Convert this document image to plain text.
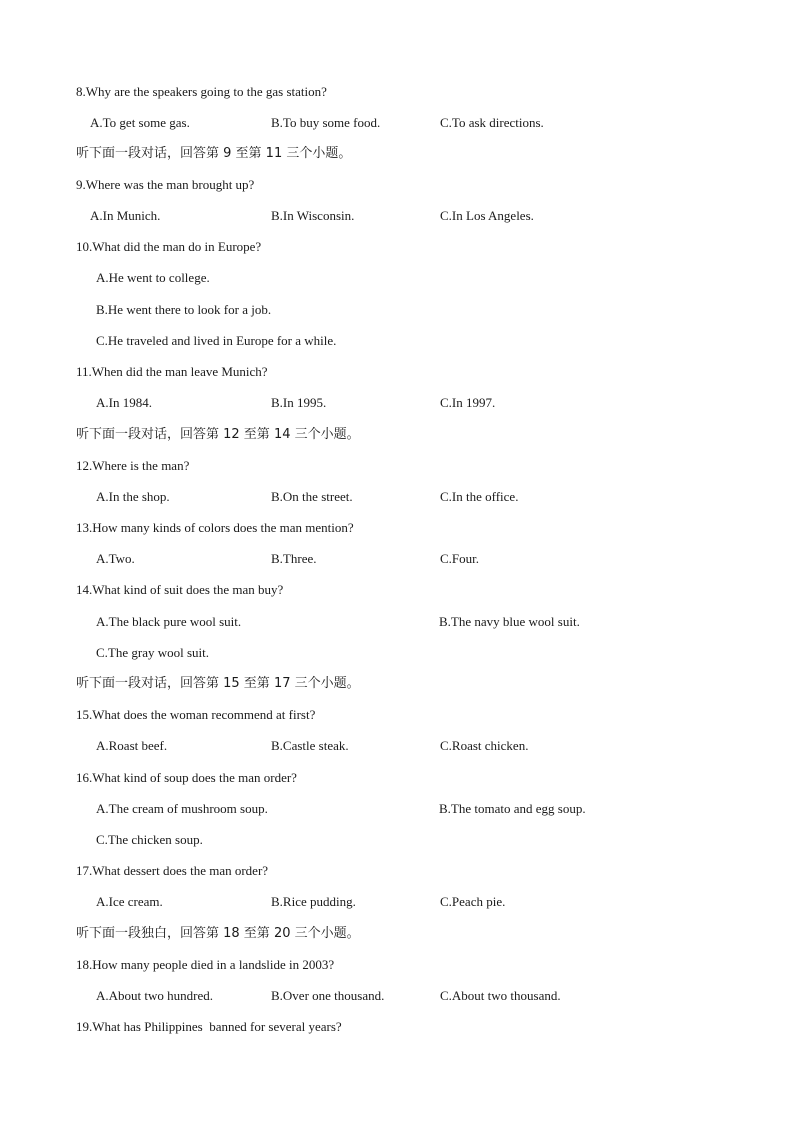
8.Why are the speakers going to the gas station?
A.To get some gas.	B.To buy some food.	C.To ask directions.
听下面一段对话，回答第 9 至第 11 三个小题。
9.Where was the man brought up?
A.In Munich.	B.In Wisconsin.	C.In Los Angeles.
10.What did the man do in Europe?
A.He went to college.
B.He went there to look for a job.
C.He traveled and lived in Europe for a while.
11.When did the man leave Munich?
A.In 1984.	B.In 1995.	C.In 1997.
听下面一段对话，回答第 12 至第 14 三个小题。
12.Where is the man?
A.In the shop.	B.On the street.	C.In the office.
13.How many kinds of colors does the man mention?
A.Two.	B.Three.	C.Four.
14.What kind of suit does the man buy?
A.The black pure wool suit.	B.The navy blue wool suit.
C.The gray wool suit.
听下面一段对话，回答第 15 至第 17 三个小题。
15.What does the woman recommend at first?
A.Roast beef.	B.Castle steak.	C.Roast chicken.
16.What kind of soup does the man order?
A.The cream of mushroom soup.	B.The tomato and egg soup.
C.The chicken soup.
17.What dessert does the man order?
A.Ice cream.	B.Rice pudding.	C.Peach pie.
听下面一段独白，回答第 18 至第 20 三个小题。
18.How many people died in a landslide in 2003?
A.About two hundred.	B.Over one thousand.	C.About two thousand.
19.What has Philippines  banned for several years?
